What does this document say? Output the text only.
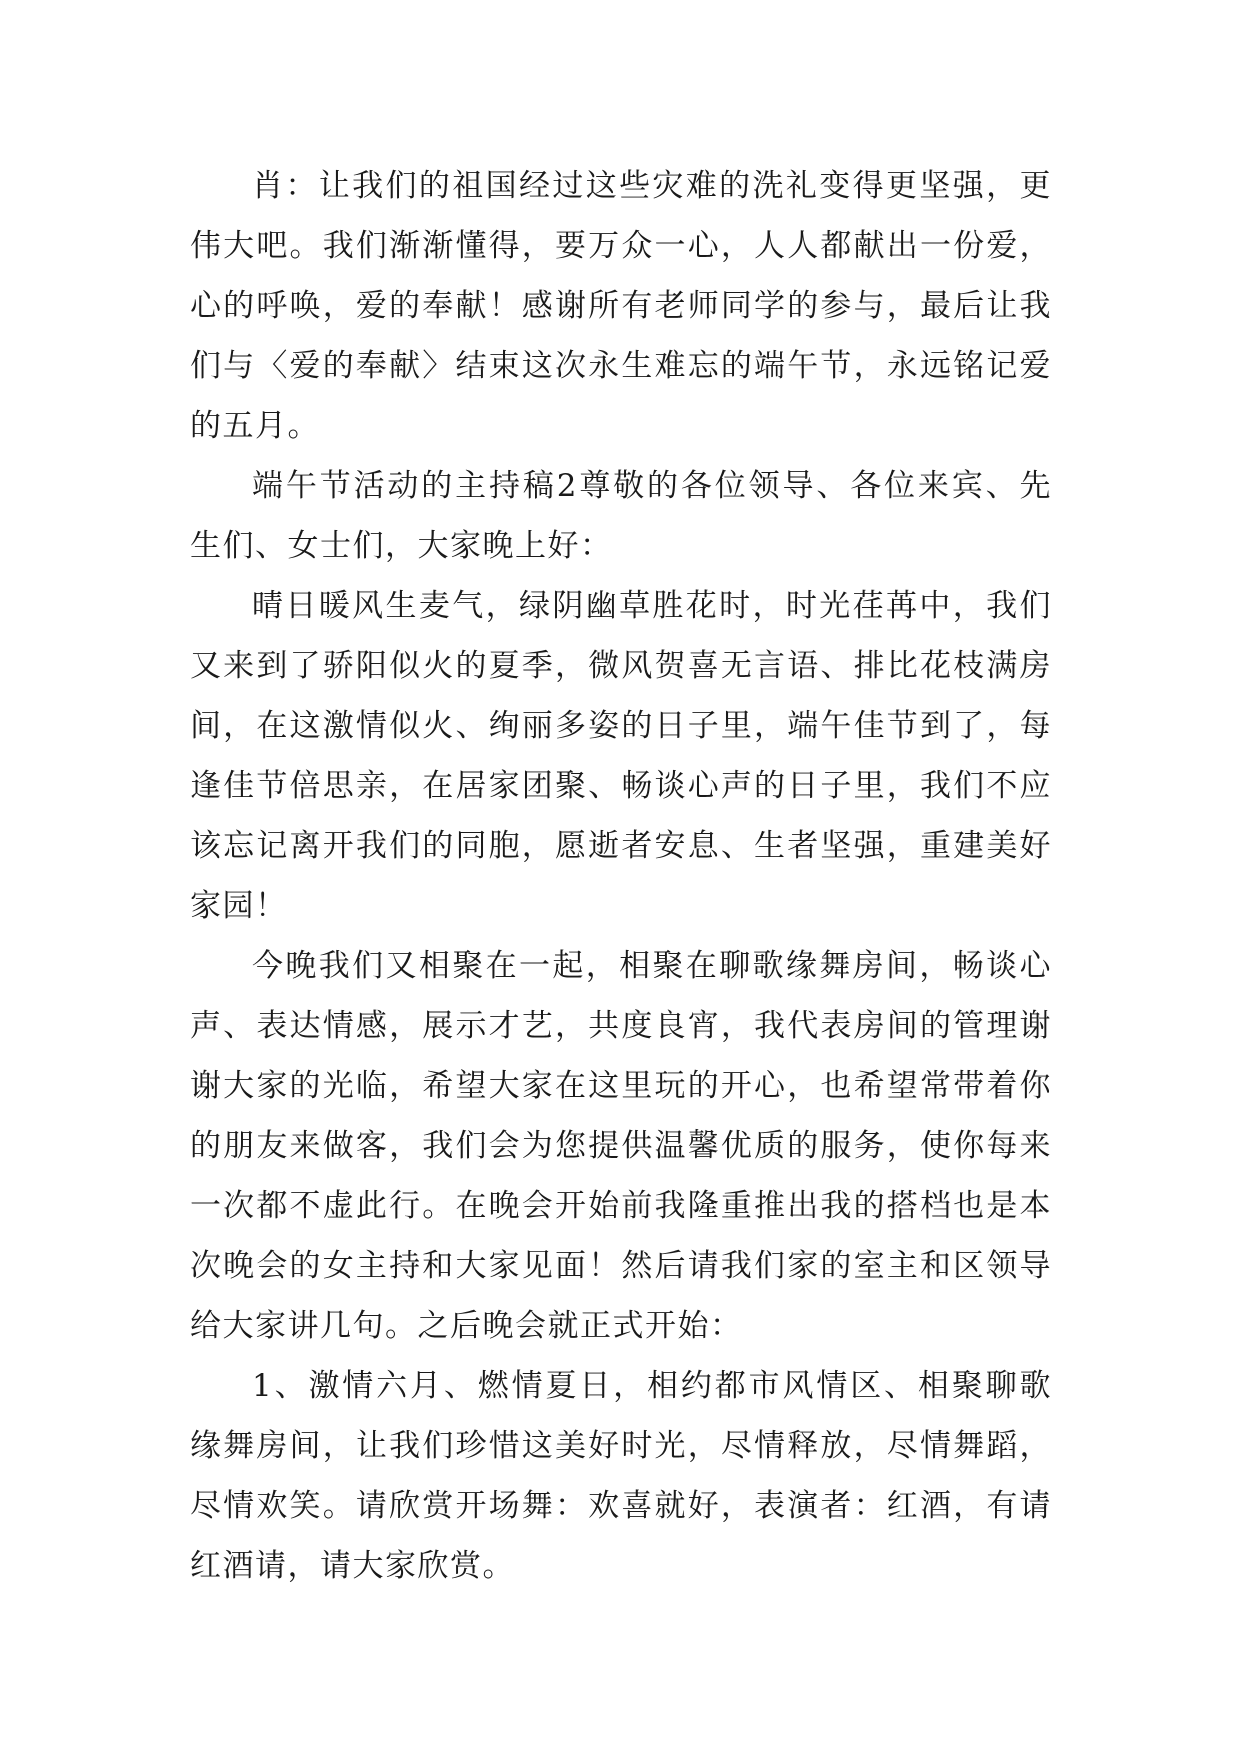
肖：让我们的祖国经过这些灾难的洗礼变得更坚强，更伟大吧。我们渐渐懂得，要万众一心，人人都献出一份爱，心的呼唤，爱的奉献！感谢所有老师同学的参与，最后让我们与〈爱的奉献〉结束这次永生难忘的端午节，永远铭记爱的五月。

端午节活动的主持稿2尊敬的各位领导、各位来宾、先生们、女士们，大家晚上好：

晴日暖风生麦气，绿阴幽草胜花时，时光荏苒中，我们又来到了骄阳似火的夏季，微风贺喜无言语、排比花枝满房间，在这激情似火、绚丽多姿的日子里，端午佳节到了，每逢佳节倍思亲，在居家团聚、畅谈心声的日子里，我们不应该忘记离开我们的同胞，愿逝者安息、生者坚强，重建美好家园！

今晚我们又相聚在一起，相聚在聊歌缘舞房间，畅谈心声、表达情感，展示才艺，共度良宵，我代表房间的管理谢谢大家的光临，希望大家在这里玩的开心，也希望常带着你的朋友来做客，我们会为您提供温馨优质的服务，使你每来一次都不虚此行。在晚会开始前我隆重推出我的搭档也是本次晚会的女主持和大家见面！然后请我们家的室主和区领导给大家讲几句。之后晚会就正式开始：

1、激情六月、燃情夏日，相约都市风情区、相聚聊歌缘舞房间，让我们珍惜这美好时光，尽情释放，尽情舞蹈，尽情欢笑。请欣赏开场舞：欢喜就好，表演者：红酒，有请红酒请，请大家欣赏。
